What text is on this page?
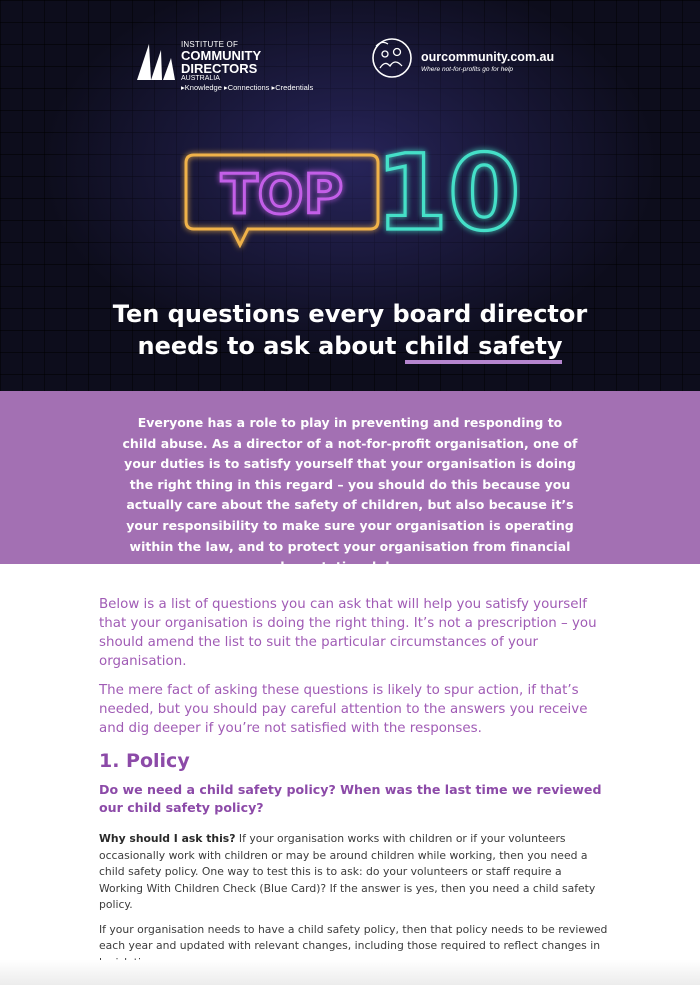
INSTITUTE OF
COMMUNITY DIRECTORS
AUSTRALIA
▸Knowledge ▸Connections ▸Credentials
ourcommunity.com.au
Where not-for-profits go for help
TOP 10
Ten questions every board director
needs to ask about child safety
Everyone has a role to play in preventing and responding to child abuse. As a director of a not-for-profit organisation, one of your duties is to satisfy yourself that your organisation is doing the right thing in this regard – you should do this because you actually care about the safety of children, but also because it’s your responsibility to make sure your organisation is operating within the law, and to protect your organisation from financial and reputational damage.

Below is a list of questions you can ask that will help you satisfy yourself that your organisation is doing the right thing. It’s not a prescription – you should amend the list to suit the particular circumstances of your organisation.

The mere fact of asking these questions is likely to spur action, if that’s needed, but you should pay careful attention to the answers you receive and dig deeper if you’re not satisfied with the responses.

1. Policy
Do we need a child safety policy? When was the last time we reviewed our child safety policy?

Why should I ask this? If your organisation works with children or if your volunteers occasionally work with children or may be around children while working, then you need a child safety policy. One way to test this is to ask: do your volunteers or staff require a Working With Children Check (Blue Card)? If the answer is yes, then you need a child safety policy.

If your organisation needs to have a child safety policy, then that policy needs to be reviewed each year and updated with relevant changes, including those required to reflect changes in
